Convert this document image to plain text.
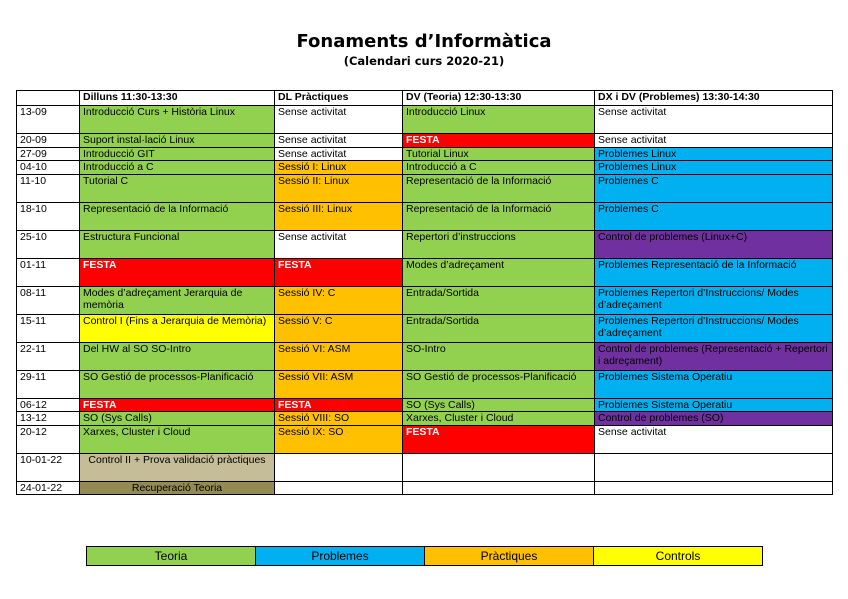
Fonaments d’Informàtica
(Calendari curs 2020-21)
	Dilluns 11:30-13:30	DL Pràctiques	DV (Teoria) 12:30-13:30	DX i DV (Problemes) 13:30-14:30
13-09	Introducció Curs + Història Linux	Sense activitat	Introducció Linux	Sense activitat
20-09	Suport instal·lació Linux	Sense activitat	FESTA	Sense activitat
27-09	Introducció GIT	Sense activitat	Tutorial Linux	Problemes Linux
04-10	Introducció a C	Sessió I: Linux	Introducció a C	Problemes Linux
11-10	Tutorial C	Sessió II: Linux	Representació de la Informació	Problemes C
18-10	Representació de la Informació	Sessió III: Linux	Representació de la Informació	Problemes C
25-10	Estructura Funcional	Sense activitat	Repertori d’instruccions	Control de problemes (Linux+C)
01-11	FESTA	FESTA	Modes d’adreçament	Problemes Representació de la Informació
08-11	Modes d’adreçament Jerarquia de memòria	Sessió IV: C	Entrada/Sortida	Problemes Repertori d’Instruccions/ Modes d’adreçament
15-11	Control I (Fins a Jerarquia de Memòria)	Sessió V: C	Entrada/Sortida	Problemes Repertori d’Instruccions/ Modes d’adreçament
22-11	Del HW al SO SO-Intro	Sessió VI: ASM	SO-Intro	Control de problemes (Representació + Repertori i adreçament)
29-11	SO Gestió de processos-Planificació	Sessió VII: ASM	SO Gestió de processos-Planificació	Problemes Sistema Operatiu
06-12	FESTA	FESTA	SO (Sys Calls)	Problemes Sistema Operatiu
13-12	SO (Sys Calls)	Sessió VIII: SO	Xarxes, Cluster i Cloud	Control de problemes (SO)
20-12	Xarxes, Cluster i Cloud	Sessió IX: SO	FESTA	Sense activitat
10-01-22	Control II + Prova validació pràctiques			
24-01-22	Recuperació Teoria			
Teoria	Problemes	Pràctiques	Controls
